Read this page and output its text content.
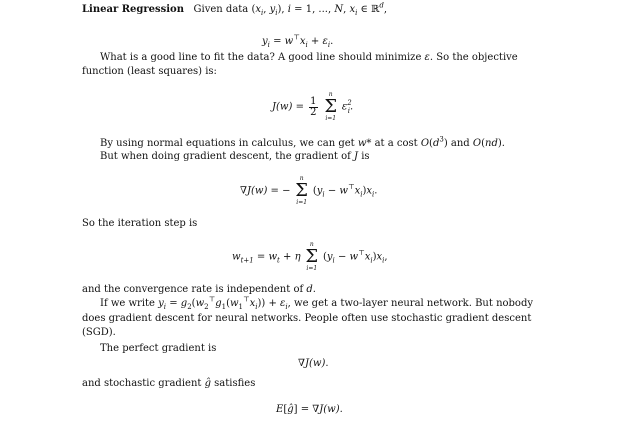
Linear Regression Given data ($x_i$, $y_i$), i = 1, ..., N, $x_i$ ∈ ℝ$^d$,
$y_i = w^⊤x_i + \varepsilon_i$.
What is a good line to fit the data? A good line should minimize ε. So the objective
function (least squares) is:
$J(w) = \frac{1}{2}$

n
Σ
i=1
$\varepsilon^2_i$.
By using normal equations in calculus, we can get w* at a cost $O(d^3)$ and O(nd).
But when doing gradient descent, the gradient of J is
∇J(w) = −
n
Σ
i=1
$(y_i - w^⊤x_i)x_i$.
So the iteration step is
$w_{t+1} = w_t + \eta$
n
Σ
i=1
$(y_i - w^⊤x_i)x_i$,
and the convergence rate is independent of d.
If we write $y_i = g_2(w_2^⊤g_1(w_1^⊤x_i)) + \varepsilon_i$, we get a two-layer neural network. But nobody
does gradient descent for neural networks. People often use stochastic gradient descent
(SGD).
The perfect gradient is
∇J(w).
and stochastic gradient ĝ satisfies
E[ĝ] = ∇J(w).
